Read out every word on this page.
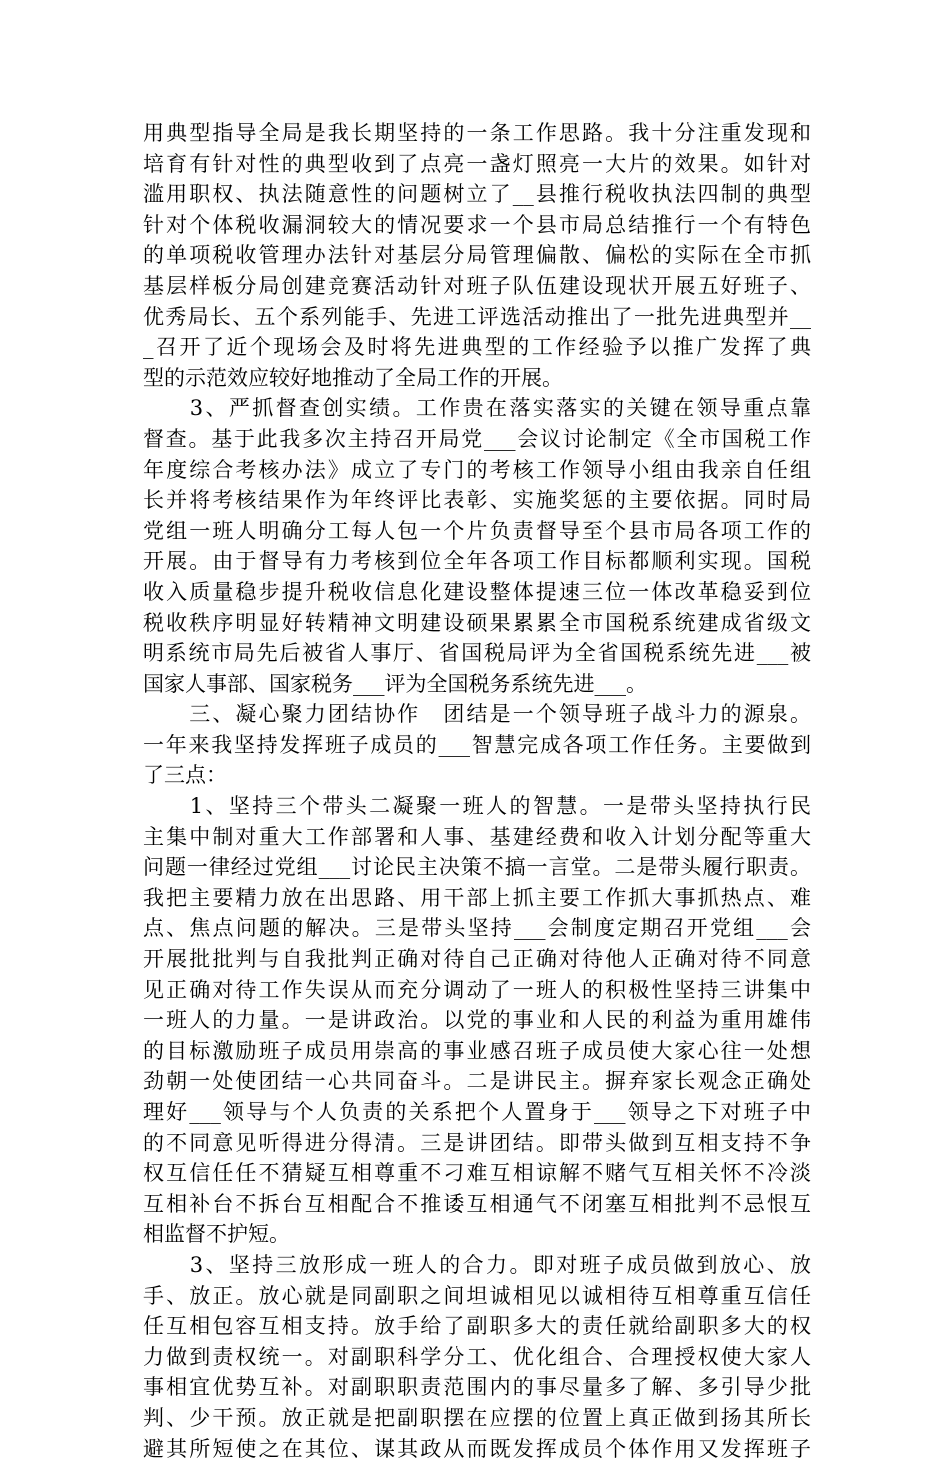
用典型指导全局是我长期坚持的一条工作思路。我十分注重发现和
培育有针对性的典型收到了点亮一盏灯照亮一大片的效果。如针对
滥用职权、执法随意性的问题树立了__县推行税收执法四制的典型
针对个体税收漏洞较大的情况要求一个县市局总结推行一个有特色
的单项税收管理办法针对基层分局管理偏散、偏松的实际在全市抓
基层样板分局创建竞赛活动针对班子队伍建设现状开展五好班子、
优秀局长、五个系列能手、先进工评选活动推出了一批先进典型并__
_召开了近个现场会及时将先进典型的工作经验予以推广发挥了典
型的示范效应较好地推动了全局工作的开展。
　　3、严抓督查创实绩。工作贵在落实落实的关键在领导重点靠
督查。基于此我多次主持召开局党___会议讨论制定《全市国税工作
年度综合考核办法》成立了专门的考核工作领导小组由我亲自任组
长并将考核结果作为年终评比表彰、实施奖惩的主要依据。同时局
党组一班人明确分工每人包一个片负责督导至个县市局各项工作的
开展。由于督导有力考核到位全年各项工作目标都顺利实现。国税
收入质量稳步提升税收信息化建设整体提速三位一体改革稳妥到位
税收秩序明显好转精神文明建设硕果累累全市国税系统建成省级文
明系统市局先后被省人事厅、省国税局评为全省国税系统先进___被
国家人事部、国家税务___评为全国税务系统先进___。
　　三、凝心聚力团结协作　团结是一个领导班子战斗力的源泉。
一年来我坚持发挥班子成员的___智慧完成各项工作任务。主要做到
了三点：
　　1、坚持三个带头二凝聚一班人的智慧。一是带头坚持执行民
主集中制对重大工作部署和人事、基建经费和收入计划分配等重大
问题一律经过党组___讨论民主决策不搞一言堂。二是带头履行职责。
我把主要精力放在出思路、用干部上抓主要工作抓大事抓热点、难
点、焦点问题的解决。三是带头坚持___会制度定期召开党组___会
开展批批判与自我批判正确对待自己正确对待他人正确对待不同意
见正确对待工作失误从而充分调动了一班人的积极性坚持三讲集中
一班人的力量。一是讲政治。以党的事业和人民的利益为重用雄伟
的目标激励班子成员用崇高的事业感召班子成员使大家心往一处想
劲朝一处使团结一心共同奋斗。二是讲民主。摒弃家长观念正确处
理好___领导与个人负责的关系把个人置身于___领导之下对班子中
的不同意见听得进分得清。三是讲团结。即带头做到互相支持不争
权互信任任不猜疑互相尊重不刁难互相谅解不赌气互相关怀不冷淡
互相补台不拆台互相配合不推诿互相通气不闭塞互相批判不忌恨互
相监督不护短。
　　3、坚持三放形成一班人的合力。即对班子成员做到放心、放
手、放正。放心就是同副职之间坦诚相见以诚相待互相尊重互信任
任互相包容互相支持。放手给了副职多大的责任就给副职多大的权
力做到责权统一。对副职科学分工、优化组合、合理授权使大家人
事相宜优势互补。对副职职责范围内的事尽量多了解、多引导少批
判、少干预。放正就是把副职摆在应摆的位置上真正做到扬其所长
避其所短使之在其位、谋其政从而既发挥成员个体作用又发挥班子
